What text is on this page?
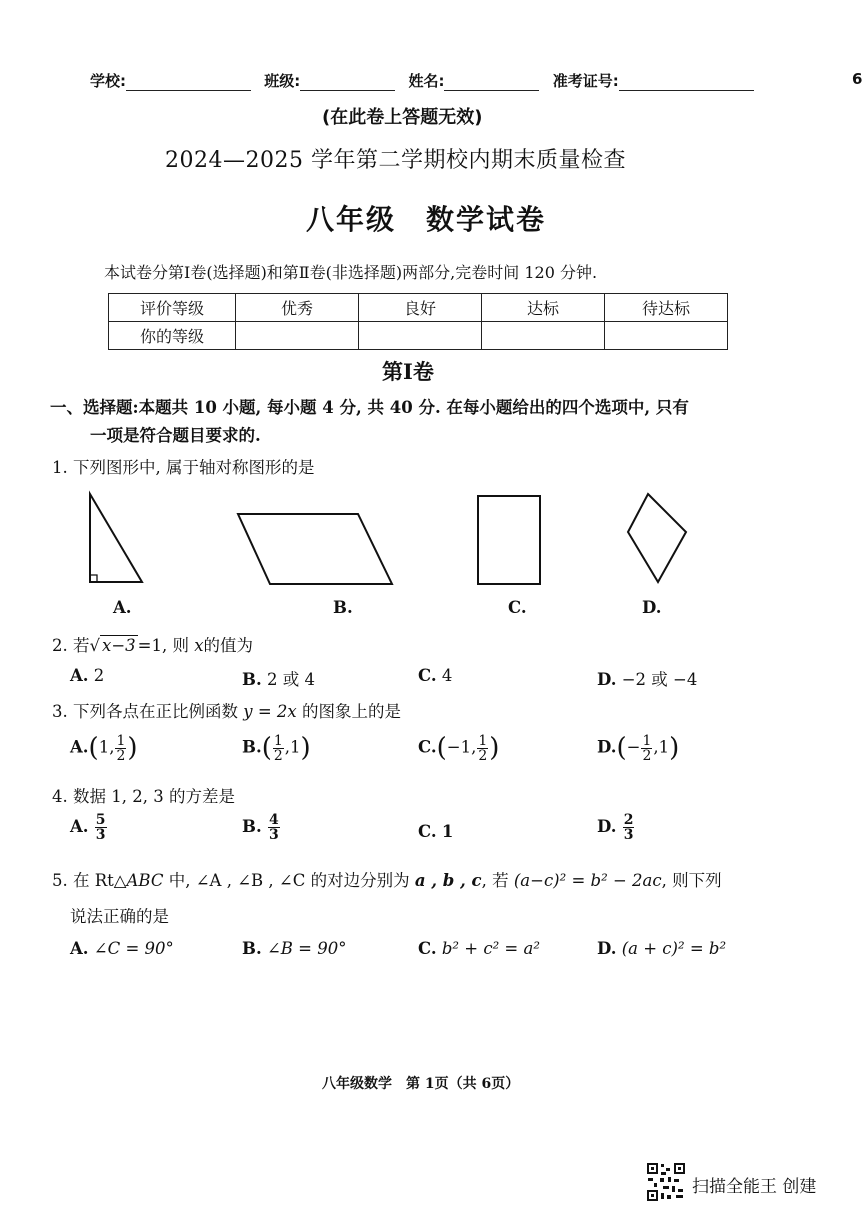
学校:	班级:	姓名:	准考证号:	6
(在此卷上答题无效)
2024—2025 学年第二学期校内期末质量检查
八年级　数学试卷
本试卷分第Ⅰ卷(选择题)和第Ⅱ卷(非选择题)两部分,完卷时间 120 分钟.
评价等级	优秀	良好	达标	待达标
你的等级				
第Ⅰ卷
一、选择题:本题共 10 小题, 每小题 4 分, 共 40 分. 在每小题给出的四个选项中, 只有
一项是符合题目要求的.
1. 下列图形中, 属于轴对称图形的是
A.	B.	C.	D.
2. 若√ x−3 =1, 则 x的值为
A. 2	B. 2 或 4	C. 4	D. −2 或 −4
3. 下列各点在正比例函数 y = 2x 的图象上的是
A.(1, $\frac{1}{2}$ )	$B.( \frac{1}{2} ,1)$	C.(−1, $\frac{1}{2}$ )	$D.(- \frac{1}{2} ,1)$
4. 数据 1, 2, 3 的方差是
A. $\frac{5}{3}$	B. $\frac{4}{3}$	C. 1	D. $\frac{2}{3}$
5. 在 Rt△ABC 中, ∠A , ∠B , ∠C 的对边分别为 a , b , c, 若 (a−c)² = b² − 2ac, 则下列
说法正确的是
A. ∠C = 90°	B. ∠B = 90°	C. b² + c² = a²	D. (a + c)² = b²
八年级数学　第 1页（共 6页）
扫描全能王 创建
